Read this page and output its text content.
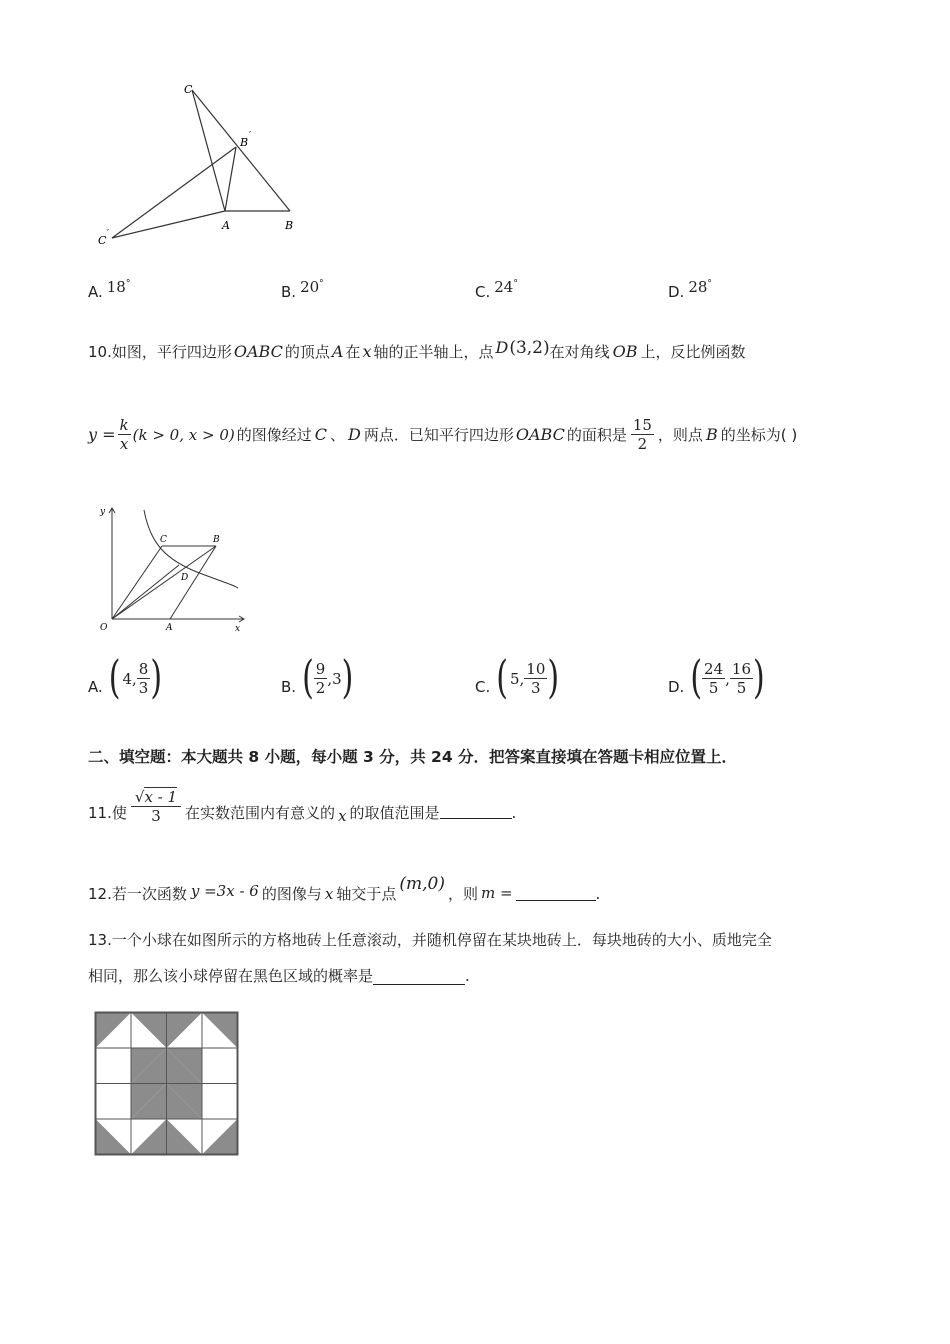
C
B ′
C ′
A	B
A. 18°	B. 20°	C. 24°	D. 28°
10. 如图，平行四边形 OABC 的顶点 A 在 x 轴的正半轴上，点 D (3,2) 在对角线 OB 上，反比例函数
$y = \frac{k}{x} (k > 0$, x > 0) 的图像经过 C 、 D 两点．已知平行四边形 OABC 的面积是 $\frac{15}{2}$ ，则点 B 的坐标为( )
y
C	B
D
O	A	x
A. ( 4, $\frac{8}{3}$ )	B. ( $\frac{9}{2} ,3$ )	C. ( 5, $\frac{10}{3}$ )	D. ( $\frac{24}{5}$ , $\frac{16}{5}$ )
二、填空题：本大题共 8 小题，每小题 3 分，共 24 分．把答案直接填在答题卡相应位置上．
11. 使 $\frac{√x - 1}{3}$ 在实数范围内有意义的 x 的取值范围是	.
12. 若一次函数 y =3x - 6 的图像与 x 轴交于点 (m,0) ，则 m =	.
13.一个小球在如图所示的方格地砖上任意滚动，并随机停留在某块地砖上．每块地砖的大小、质地完全
相同，那么该小球停留在黑色区域的概率是	.
